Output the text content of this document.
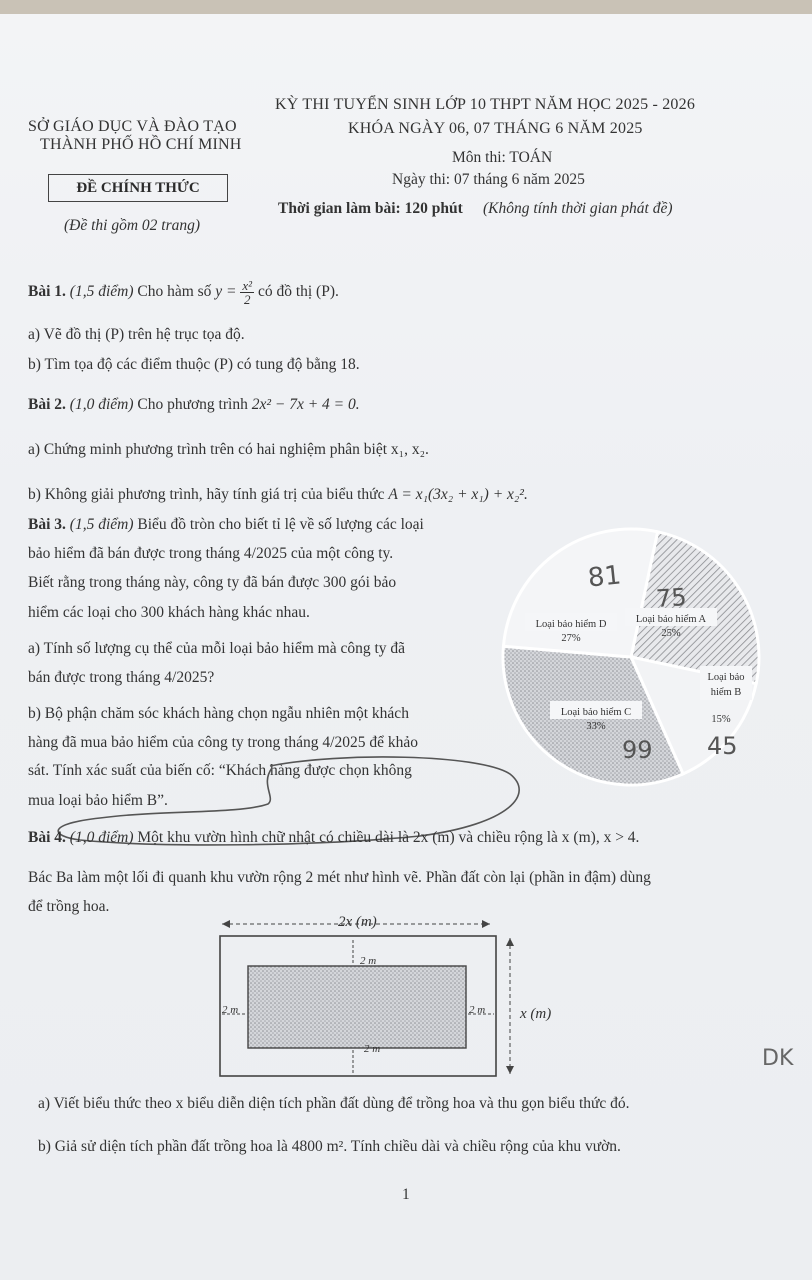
SỞ GIÁO DỤC VÀ ĐÀO TẠO
THÀNH PHỐ HỒ CHÍ MINH
ĐỀ CHÍNH THỨC
(Đề thi gồm 02 trang)
KỲ THI TUYỂN SINH LỚP 10 THPT NĂM HỌC 2025 - 2026
KHÓA NGÀY 06, 07 THÁNG 6 NĂM 2025
Môn thi: TOÁN
Ngày thi: 07 tháng 6 năm 2025
Thời gian làm bài: 120 phút (Không tính thời gian phát đề)
Bài 1. (1,5 điểm) Cho hàm số $y = \frac{\text{x²}}{2}$ có đồ thị (P).
a) Vẽ đồ thị (P) trên hệ trục tọa độ.
b) Tìm tọa độ các điểm thuộc (P) có tung độ bằng 18.
Bài 2. (1,0 điểm) Cho phương trình 2x² − 7x + 4 = 0.
a) Chứng minh phương trình trên có hai nghiệm phân biệt x₁, x₂.
b) Không giải phương trình, hãy tính giá trị của biểu thức A = x₁(3x₂ + x₁) + x₂².
Bài 3. (1,5 điểm) Biểu đồ tròn cho biết tỉ lệ về số lượng các loại
bảo hiểm đã bán được trong tháng 4/2025 của một công ty.
Biết rằng trong tháng này, công ty đã bán được 300 gói bảo
hiểm các loại cho 300 khách hàng khác nhau.
a) Tính số lượng cụ thể của mỗi loại bảo hiểm mà công ty đã
bán được trong tháng 4/2025?
b) Bộ phận chăm sóc khách hàng chọn ngẫu nhiên một khách
hàng đã mua bảo hiểm của công ty trong tháng 4/2025 để khảo
sát. Tính xác suất của biến cố: “Khách hàng được chọn không
mua loại bảo hiểm B”.
Loại bảo hiểm A
25%
Loại bảo
hiểm B
15%
Loại bảo hiểm C
33%
Loại bảo hiểm D
27%
81
75
99 45
Bài 4. (1,0 điểm) Một khu vườn hình chữ nhật có chiều dài là 2x (m) và chiều rộng là x (m), x > 4.
Bác Ba làm một lối đi quanh khu vườn rộng 2 mét như hình vẽ. Phần đất còn lại (phần in đậm) dùng
để trồng hoa.
2x (m)
2 m
2 m	2 m
2 m
x (m)
DK
a) Viết biểu thức theo x biểu diễn diện tích phần đất dùng để trồng hoa và thu gọn biểu thức đó.
b) Giả sử diện tích phần đất trồng hoa là 4800 m². Tính chiều dài và chiều rộng của khu vườn.
1
